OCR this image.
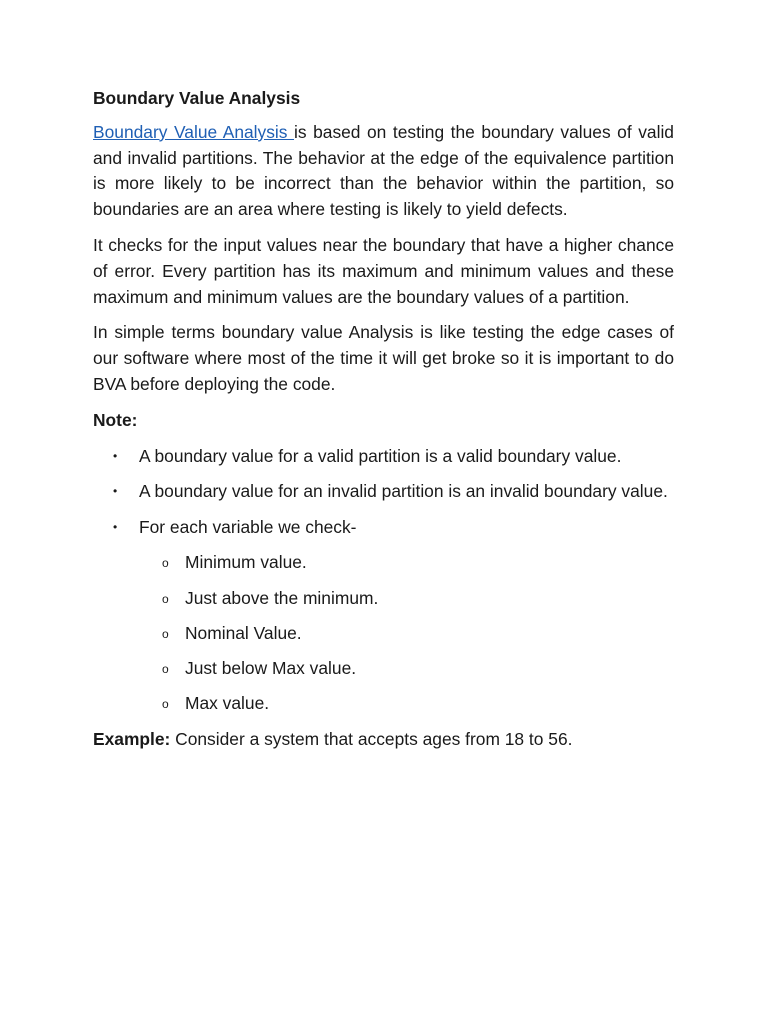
Boundary Value Analysis

Boundary Value Analysis is based on testing the boundary values of valid and invalid partitions. The behavior at the edge of the equivalence partition is more likely to be incorrect than the behavior within the partition, so boundaries are an area where testing is likely to yield defects.

It checks for the input values near the boundary that have a higher chance of error. Every partition has its maximum and minimum values and these maximum and minimum values are the boundary values of a partition.

In simple terms boundary value Analysis is like testing the edge cases of our software where most of the time it will get broke so it is important to do BVA before deploying the code.

Note:
• A boundary value for a valid partition is a valid boundary value.
• A boundary value for an invalid partition is an invalid boundary value.
• For each variable we check-
o Minimum value.
o Just above the minimum.
o Nominal Value.
o Just below Max value.
o Max value.

Example: Consider a system that accepts ages from 18 to 56.
